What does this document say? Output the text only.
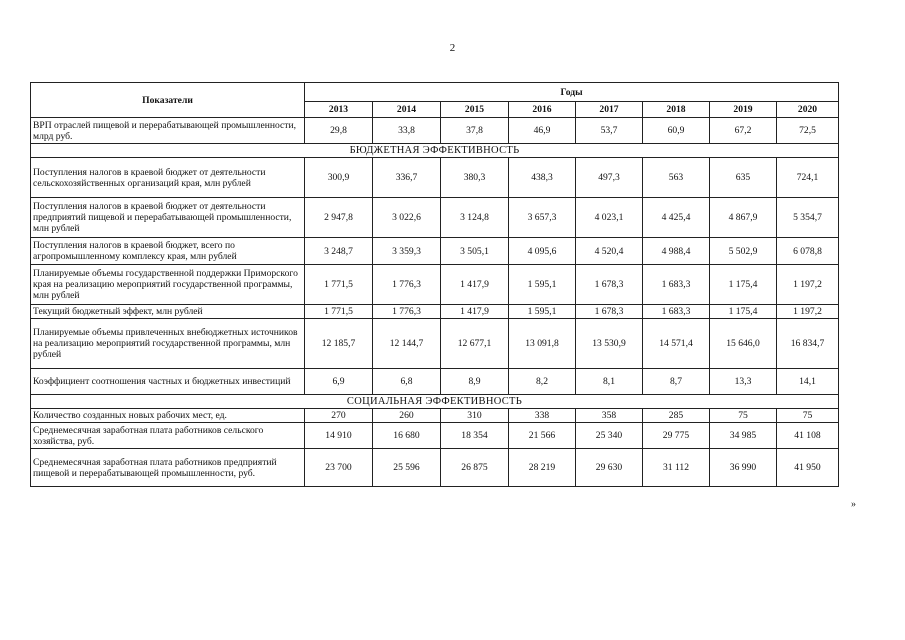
2
Показатели	Годы							
	2013	2014	2015	2016	2017	2018	2019	2020
ВРП отраслей пищевой и перерабатывающей промышленности, млрд руб.	29,8	33,8	37,8	46,9	53,7	60,9	67,2	72,5
БЮДЖЕТНАЯ ЭФФЕКТИВНОСТЬ								
Поступления налогов в краевой бюджет от деятельности сельскохозяйственных организаций края, млн рублей	300,9	336,7	380,3	438,3	497,3	563	635	724,1
Поступления налогов в краевой бюджет от деятельности предприятий пищевой и перерабатывающей промышленности, млн рублей	2 947,8	3 022,6	3 124,8	3 657,3	4 023,1	4 425,4	4 867,9	5 354,7
Поступления налогов в краевой бюджет, всего по агропромышленному комплексу края, млн рублей	3 248,7	3 359,3	3 505,1	4 095,6	4 520,4	4 988,4	5 502,9	6 078,8
Планируемые объемы государственной поддержки Приморского края на реализацию мероприятий государственной программы, млн рублей	1 771,5	1 776,3	1 417,9	1 595,1	1 678,3	1 683,3	1 175,4	1 197,2
Текущий бюджетный эффект, млн рублей	1 771,5	1 776,3	1 417,9	1 595,1	1 678,3	1 683,3	1 175,4	1 197,2
Планируемые объемы привлеченных внебюджетных источников на реализацию мероприятий государственной программы, млн рублей	12 185,7	12 144,7	12 677,1	13 091,8	13 530,9	14 571,4	15 646,0	16 834,7
Коэффициент соотношения частных и бюджетных инвестиций	6,9	6,8	8,9	8,2	8,1	8,7	13,3	14,1
СОЦИАЛЬНАЯ ЭФФЕКТИВНОСТЬ								
Количество созданных новых рабочих мест, ед.	270	260	310	338	358	285	75	75
Среднемесячная заработная плата работников сельского хозяйства, руб.	14 910	16 680	18 354	21 566	25 340	29 775	34 985	41 108
Среднемесячная заработная плата работников предприятий пищевой и перерабатывающей промышленности, руб.	23 700	25 596	26 875	28 219	29 630	31 112	36 990	41 950
»
